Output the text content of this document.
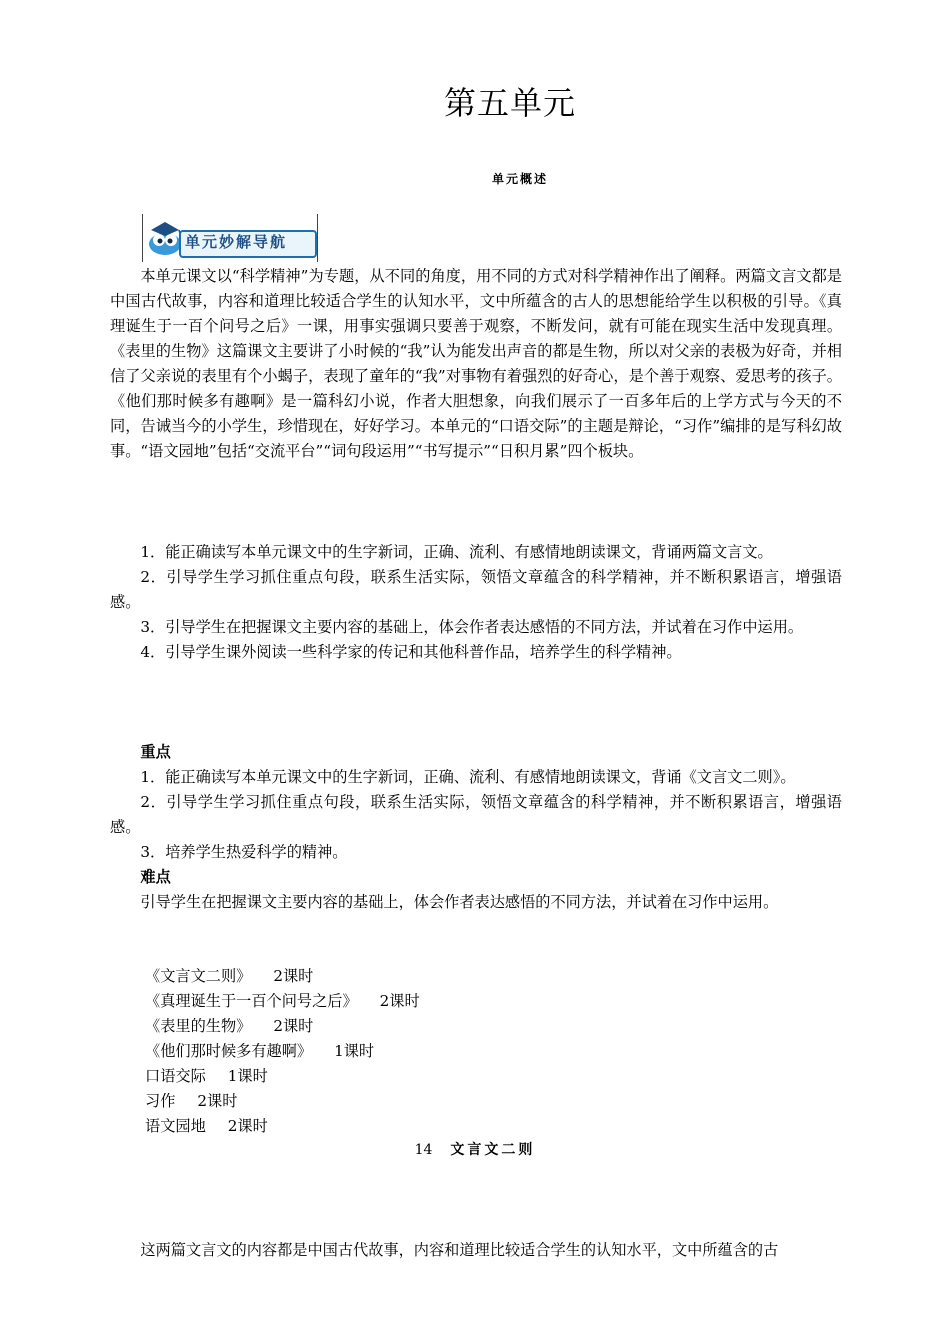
第五单元
单元概述
单元妙解导航

本单元课文以“科学精神”为专题，从不同的角度，用不同的方式对科学精神作出了阐释。两篇文言文都是中国古代故事，内容和道理比较适合学生的认知水平，文中所蕴含的古人的思想能给学生以积极的引导。《真理诞生于一百个问号之后》一课，用事实强调只要善于观察，不断发问，就有可能在现实生活中发现真理。《表里的生物》这篇课文主要讲了小时候的“我”认为能发出声音的都是生物，所以对父亲的表极为好奇，并相信了父亲说的表里有个小蝎子，表现了童年的“我”对事物有着强烈的好奇心，是个善于观察、爱思考的孩子。《他们那时候多有趣啊》是一篇科幻小说，作者大胆想象，向我们展示了一百多年后的上学方式与今天的不同，告诫当今的小学生，珍惜现在，好好学习。本单元的“口语交际”的主题是辩论，“习作”编排的是写科幻故事。“语文园地”包括“交流平台”“词句段运用”“书写提示”“日积月累”四个板块。

1．能正确读写本单元课文中的生字新词，正确、流利、有感情地朗读课文，背诵两篇文言文。

2．引导学生学习抓住重点句段，联系生活实际，领悟文章蕴含的科学精神，并不断积累语言，增强语感。

3．引导学生在把握课文主要内容的基础上，体会作者表达感悟的不同方法，并试着在习作中运用。

4．引导学生课外阅读一些科学家的传记和其他科普作品，培养学生的科学精神。

重点

1．能正确读写本单元课文中的生字新词，正确、流利、有感情地朗读课文，背诵《文言文二则》。

2．引导学生学习抓住重点句段，联系生活实际，领悟文章蕴含的科学精神，并不断积累语言，增强语感。

3．培养学生热爱科学的精神。

难点

引导学生在把握课文主要内容的基础上，体会作者表达感悟的不同方法，并试着在习作中运用。

《文言文二则》 2课时
《真理诞生于一百个问号之后》 2课时
《表里的生物》 2课时
《他们那时候多有趣啊》 1课时
口语交际 1课时
习作 2课时
语文园地 2课时
14 文言文二则

这两篇文言文的内容都是中国古代故事，内容和道理比较适合学生的认知水平，文中所蕴含的古
